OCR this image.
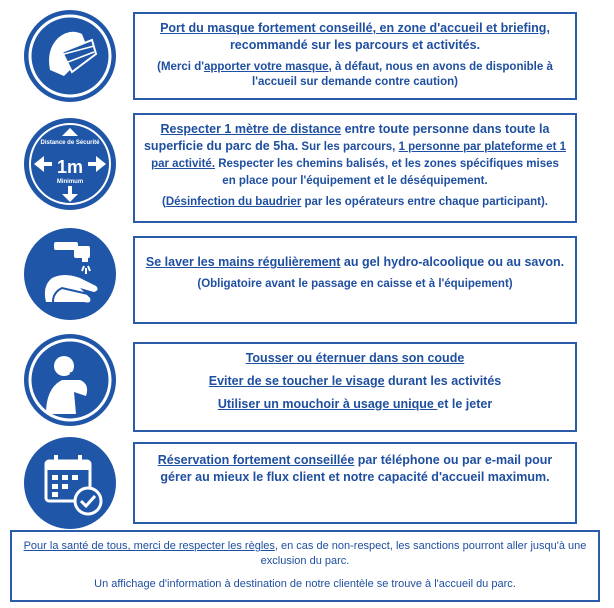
Port du masque fortement conseillé, en zone d'accueil et briefing, recommandé sur les parcours et activités.

(Merci d'apporter votre masque, à défaut, nous en avons de disponible à l'accueil sur demande contre caution)

Distance de Sécurité
1m
Minimum

Respecter 1 mètre de distance entre toute personne dans toute la superficie du parc de 5ha. Sur les parcours, 1 personne par plateforme et 1 par activité. Respecter les chemins balisés, et les zones spécifiques mises en place pour l'équipement et le déséquipement.

(Désinfection du baudrier par les opérateurs entre chaque participant).

Se laver les mains régulièrement au gel hydro-alcoolique ou au savon.

(Obligatoire avant le passage en caisse et à l'équipement)

Tousser ou éternuer dans son coude

Eviter de se toucher le visage durant les activités

Utiliser un mouchoir à usage unique et le jeter

Réservation fortement conseillée par téléphone ou par e-mail pour gérer au mieux le flux client et notre capacité d'accueil maximum.

Pour la santé de tous, merci de respecter les règles, en cas de non-respect, les sanctions pourront aller jusqu'à une exclusion du parc.

Un affichage d'information à destination de notre clientèle se trouve à l'accueil du parc.
